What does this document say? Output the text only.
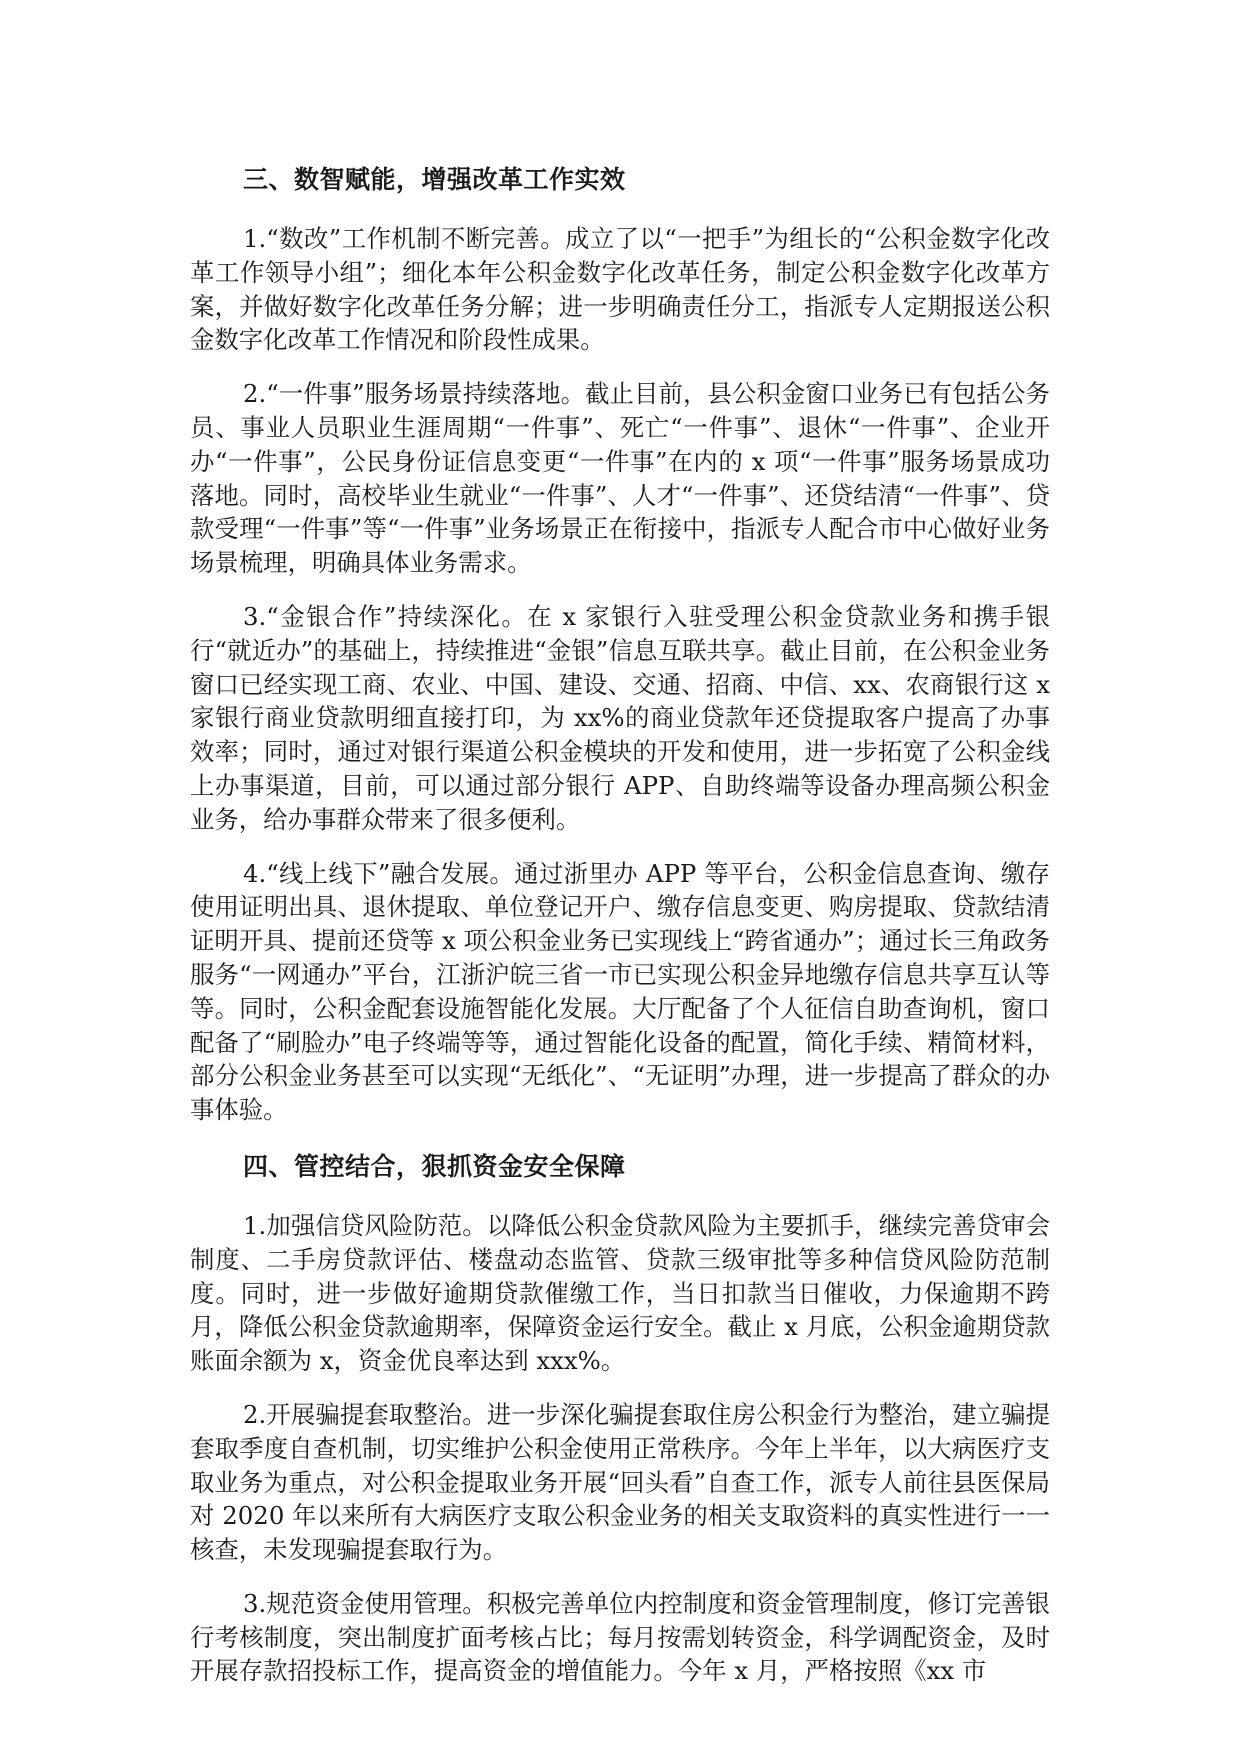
三、数智赋能，增强改革工作实效

1.“数改”工作机制不断完善。成立了以“一把手”为组长的“公积金数字化改革工作领导小组”；细化本年公积金数字化改革任务，制定公积金数字化改革方案，并做好数字化改革任务分解；进一步明确责任分工，指派专人定期报送公积金数字化改革工作情况和阶段性成果。

2.“一件事”服务场景持续落地。截止目前，县公积金窗口业务已有包括公务员、事业人员职业生涯周期“一件事”、死亡“一件事”、退休“一件事”、企业开办“一件事”，公民身份证信息变更“一件事”在内的 x 项“一件事”服务场景成功落地。同时，高校毕业生就业“一件事”、人才“一件事”、还贷结清“一件事”、贷款受理“一件事”等“一件事”业务场景正在衔接中，指派专人配合市中心做好业务场景梳理，明确具体业务需求。

3.“金银合作”持续深化。在 x 家银行入驻受理公积金贷款业务和携手银行“就近办”的基础上，持续推进“金银”信息互联共享。截止目前，在公积金业务窗口已经实现工商、农业、中国、建设、交通、招商、中信、xx、农商银行这 x 家银行商业贷款明细直接打印，为 xx%的商业贷款年还贷提取客户提高了办事效率；同时，通过对银行渠道公积金模块的开发和使用，进一步拓宽了公积金线上办事渠道，目前，可以通过部分银行 APP、自助终端等设备办理高频公积金业务，给办事群众带来了很多便利。

4.“线上线下”融合发展。通过浙里办 APP 等平台，公积金信息查询、缴存使用证明出具、退休提取、单位登记开户、缴存信息变更、购房提取、贷款结清证明开具、提前还贷等 x 项公积金业务已实现线上“跨省通办”；通过长三角政务服务“一网通办”平台，江浙沪皖三省一市已实现公积金异地缴存信息共享互认等等。同时，公积金配套设施智能化发展。大厅配备了个人征信自助查询机，窗口配备了“刷脸办”电子终端等等，通过智能化设备的配置，简化手续、精简材料，部分公积金业务甚至可以实现“无纸化”、“无证明”办理，进一步提高了群众的办事体验。

四、管控结合，狠抓资金安全保障

1.加强信贷风险防范。以降低公积金贷款风险为主要抓手，继续完善贷审会制度、二手房贷款评估、楼盘动态监管、贷款三级审批等多种信贷风险防范制度。同时，进一步做好逾期贷款催缴工作，当日扣款当日催收，力保逾期不跨月，降低公积金贷款逾期率，保障资金运行安全。截止 x 月底，公积金逾期贷款账面余额为 x，资金优良率达到 xxx%。

2.开展骗提套取整治。进一步深化骗提套取住房公积金行为整治，建立骗提套取季度自查机制，切实维护公积金使用正常秩序。今年上半年，以大病医疗支取业务为重点，对公积金提取业务开展“回头看”自查工作，派专人前往县医保局对 2020 年以来所有大病医疗支取公积金业务的相关支取资料的真实性进行一一核查，未发现骗提套取行为。

3.规范资金使用管理。积极完善单位内控制度和资金管理制度，修订完善银行考核制度，突出制度扩面考核占比；每月按需划转资金，科学调配资金，及时开展存款招投标工作，提高资金的增值能力。今年 x 月，严格按照《xx 市
